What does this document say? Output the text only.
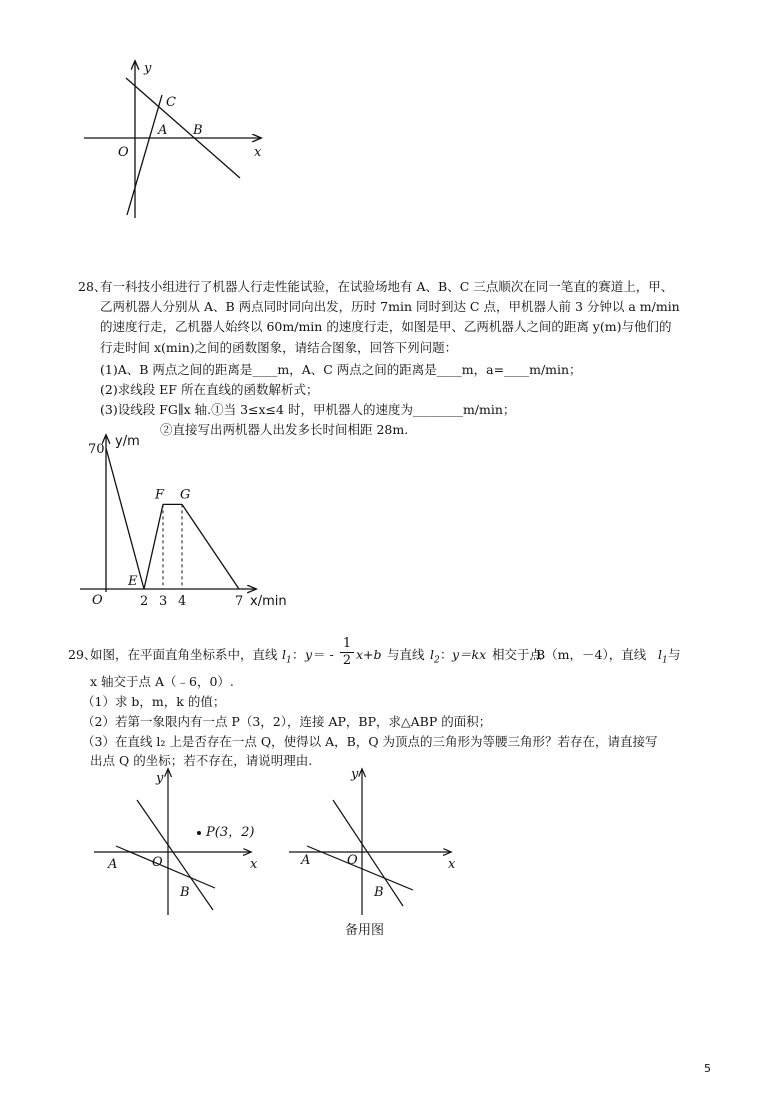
y
x
O
A B
C
28、
有一科技小组进行了机器人行走性能试验，在试验场地有 A、B、C 三点顺次在同一笔直的赛道上，甲、
乙两机器人分别从 A、B 两点同时同向出发，历时 7min 同时到达 C 点，甲机器人前 3 分钟以 a m/min
的速度行走，乙机器人始终以 60m/min 的速度行走，如图是甲、乙两机器人之间的距离 y(m)与他们的
行走时间 x(min)之间的函数图象，请结合图象，回答下列问题：
(1)A、B 两点之间的距离是____m，A、C 两点之间的距离是____m，a=____m/min；
(2)求线段 EF 所在直线的函数解析式；
(3)设线段 FG∥x 轴.①当 3≤x≤4 时，甲机器人的速度为________m/min；
②直接写出两机器人出发多长时间相距 28m.
y/m
x/min
O
E
F G
2 3 4	7
70
29、
如图，在平面直角坐标系中，直线 $l_1$ ： y ＝ - $\frac{1}{2} x+b$ 与直线 $l_2$ ： y＝kx 相交于点
B（m，－4），直线 $l_1$ 与
x 轴交于点 A（﹣6，0）.
（1）求 b，m，k 的值；
（2）若第一象限内有一点 P（3，2），连接 AP，BP，求△ABP 的面积；
（3）在直线 l₂ 上是否存在一点 Q，使得以 A，B，Q 为顶点的三角形为等腰三角形？若存在，请直接写
出点 Q 的坐标；若不存在，请说明理由.
y
x
O
A
B
P(3，2)
y
x
O
A
B
备用图
5
